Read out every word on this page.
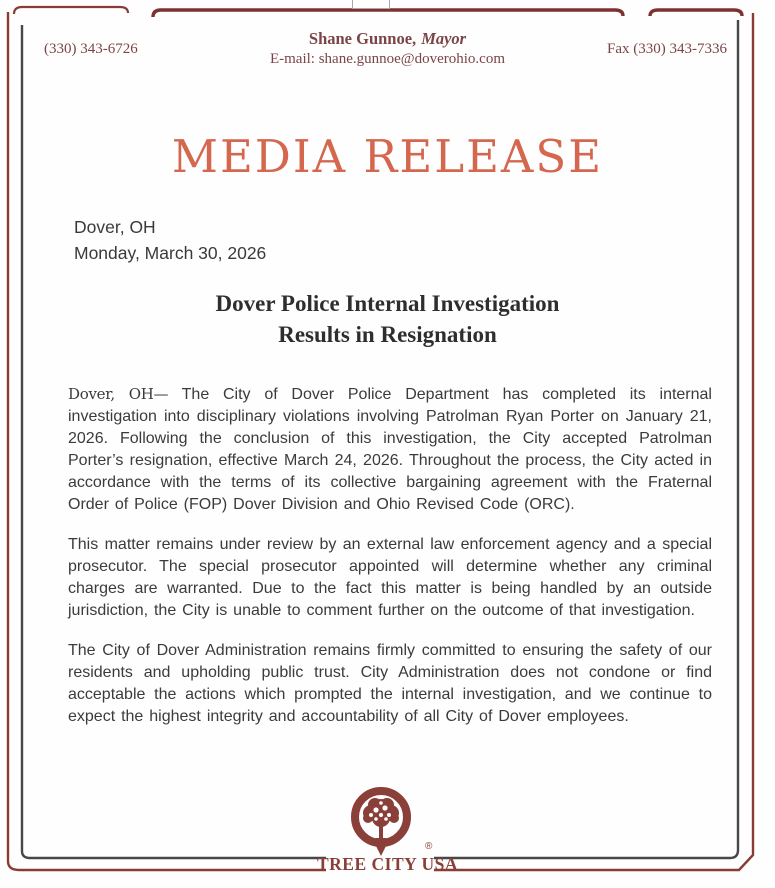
(330) 343-6726
Shane Gunnoe, Mayor
E-mail: shane.gunnoe@doverohio.com
Fax (330) 343-7336
MEDIA RELEASE
Dover, OH
Monday, March 30, 2026
Dover Police Internal Investigation
Results in Resignation

Dover, OH— The City of Dover Police Department has completed its internal investigation into disciplinary violations involving Patrolman Ryan Porter on January 21, 2026. Following the conclusion of this investigation, the City accepted Patrolman Porter’s resignation, effective March 24, 2026. Throughout the process, the City acted in accordance with the terms of its collective bargaining agreement with the Fraternal Order of Police (FOP) Dover Division and Ohio Revised Code (ORC).

This matter remains under review by an external law enforcement agency and a special prosecutor. The special prosecutor appointed will determine whether any criminal charges are warranted. Due to the fact this matter is being handled by an outside jurisdiction, the City is unable to comment further on the outcome of that investigation.

The City of Dover Administration remains firmly committed to ensuring the safety of our residents and upholding public trust. City Administration does not condone or find acceptable the actions which prompted the internal investigation, and we continue to expect the highest integrity and accountability of all City of Dover employees.

®
TREE CITY USA
